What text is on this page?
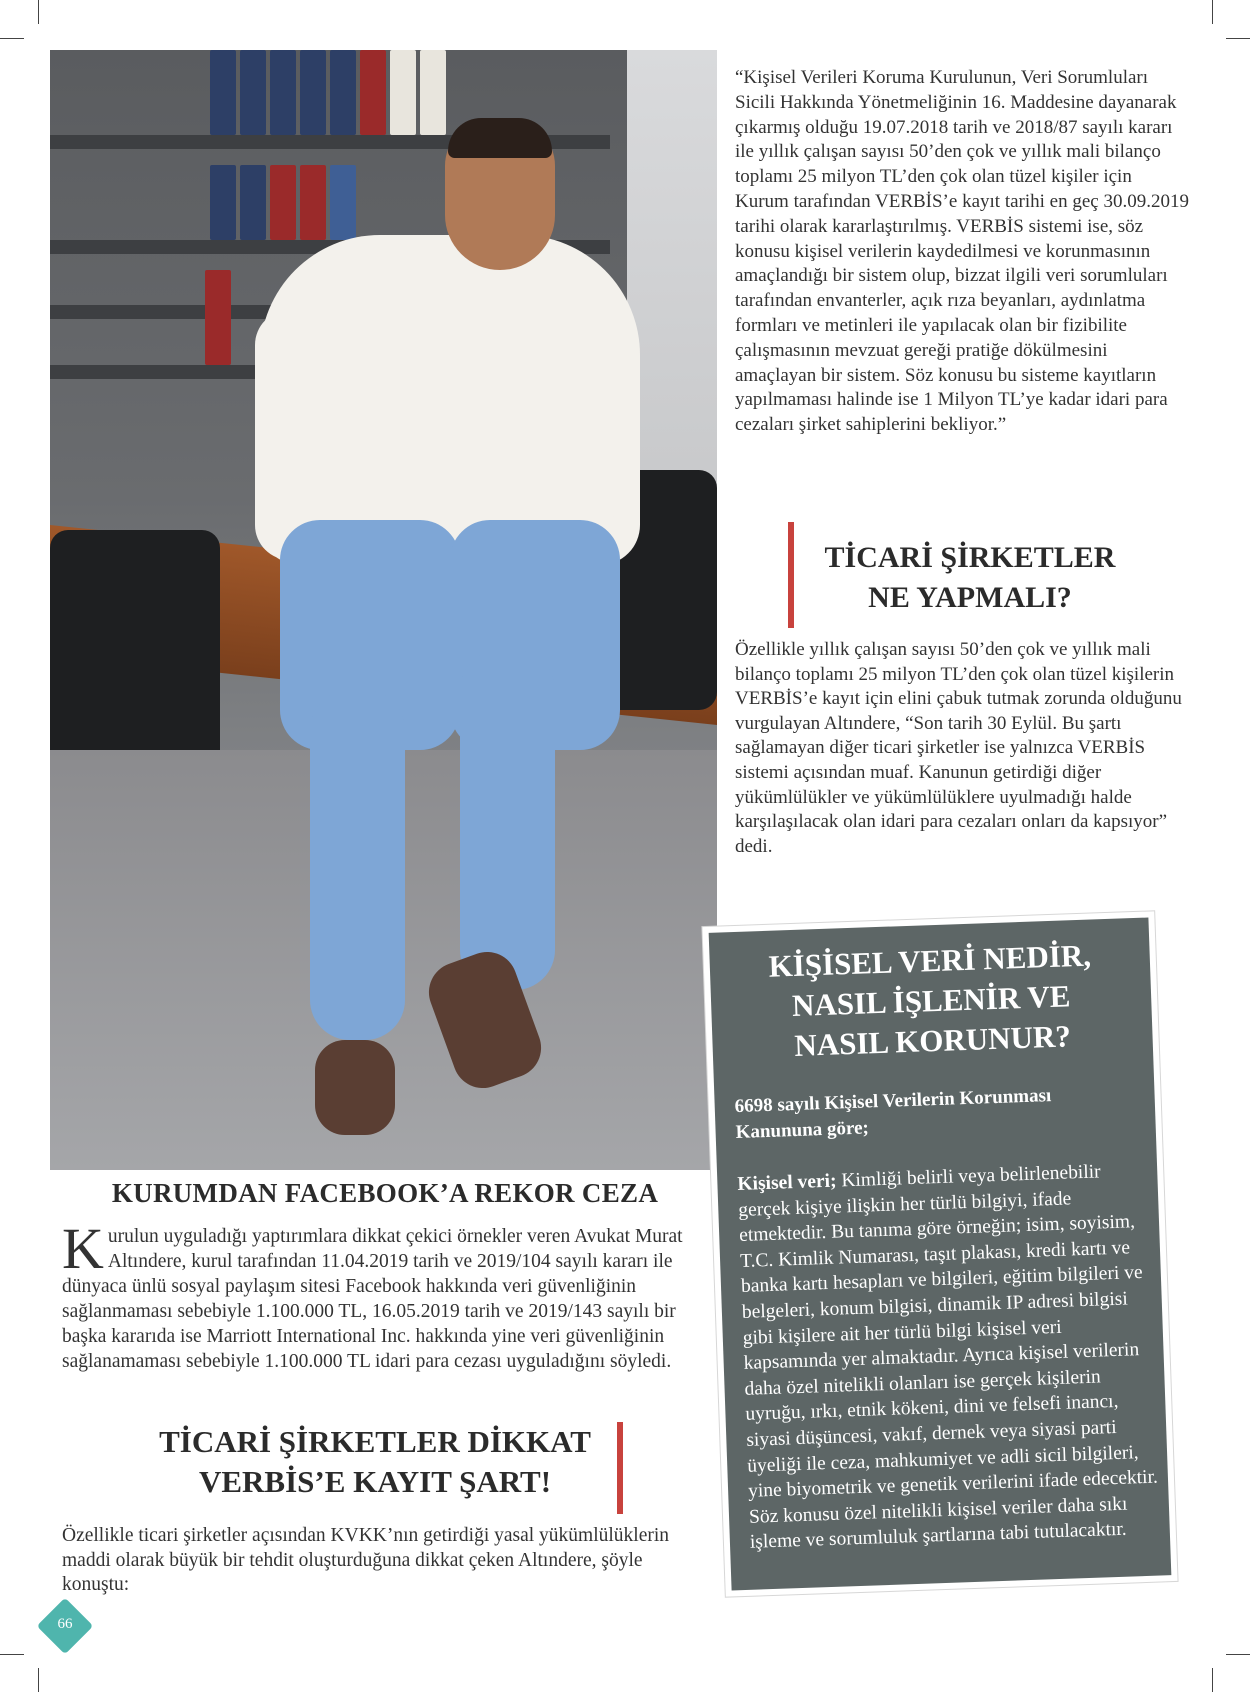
KURUMDAN FACEBOOK’A REKOR CEZA

Kurulun uyguladığı yaptırımlara dikkat çekici örnekler veren Avukat Murat Altındere, kurul tarafından 11.04.2019 tarih ve 2019/104 sayılı kararı ile dünyaca ünlü sosyal paylaşım sitesi Facebook hakkında veri güvenliğinin sağlanmaması sebebiyle 1.100.000 TL, 16.05.2019 tarih ve 2019/143 sayılı bir başka kararıda ise Marriott International Inc. hakkında yine veri güvenliğinin sağlanamaması sebebiyle 1.100.000 TL idari para cezası uyguladığını söyledi.

TİCARİ ŞİRKETLER DİKKAT
VERBİS’E KAYIT ŞART!

Özellikle ticari şirketler açısından KVKK’nın getirdiği yasal yükümlülüklerin maddi olarak büyük bir tehdit oluşturduğuna dikkat çeken Altındere, şöyle konuştu:

“Kişisel Verileri Koruma Kurulunun, Veri Sorumluları Sicili Hakkında Yönetmeliğinin 16. Maddesine dayanarak çıkarmış olduğu 19.07.2018 tarih ve 2018/87 sayılı kararı ile yıllık çalışan sayısı 50’den çok ve yıllık mali bilanço toplamı 25 milyon TL’den çok olan tüzel kişiler için Kurum tarafından VERBİS’e kayıt tarihi en geç 30.09.2019 tarihi olarak kararlaştırılmış. VERBİS sistemi ise, söz konusu kişisel verilerin kaydedilmesi ve korunmasının amaçlandığı bir sistem olup, bizzat ilgili veri sorumluları tarafından envanterler, açık rıza beyanları, aydınlatma formları ve metinleri ile yapılacak olan bir fizibilite çalışmasının mevzuat gereği pratiğe dökülmesini amaçlayan bir sistem. Söz konusu bu sisteme kayıtların yapılmaması halinde ise 1 Milyon TL’ye kadar idari para cezaları şirket sahiplerini bekliyor.”

TİCARİ ŞİRKETLER
NE YAPMALI?

Özellikle yıllık çalışan sayısı 50’den çok ve yıllık mali bilanço toplamı 25 milyon TL’den çok olan tüzel kişilerin VERBİS’e kayıt için elini çabuk tutmak zorunda olduğunu vurgulayan Altındere, “Son tarih 30 Eylül. Bu şartı sağlamayan diğer ticari şirketler ise yalnızca VERBİS sistemi açısından muaf. Kanunun getirdiği diğer yükümlülükler ve yükümlülüklere uyulmadığı halde karşılaşılacak olan idari para cezaları onları da kapsıyor” dedi.

KİŞİSEL VERİ NEDİR,
NASIL İŞLENİR VE
NASIL KORUNUR?

6698 sayılı Kişisel Verilerin Korunması Kanununa göre;

Kişisel veri; Kimliği belirli veya belirlenebilir gerçek kişiye ilişkin her türlü bilgiyi, ifade etmektedir. Bu tanıma göre örneğin; isim, soyisim, T.C. Kimlik Numarası, taşıt plakası, kredi kartı ve banka kartı hesapları ve bilgileri, eğitim bilgileri ve belgeleri, konum bilgisi, dinamik IP adresi bilgisi gibi kişilere ait her türlü bilgi kişisel veri kapsamında yer almaktadır. Ayrıca kişisel verilerin daha özel nitelikli olanları ise gerçek kişilerin uyruğu, ırkı, etnik kökeni, dini ve felsefi inancı, siyasi düşüncesi, vakıf, dernek veya siyasi parti üyeliği ile ceza, mahkumiyet ve adli sicil bilgileri, yine biyometrik ve genetik verilerini ifade edecektir. Söz konusu özel nitelikli kişisel veriler daha sıkı işleme ve sorumluluk şartlarına tabi tutulacaktır.

66
